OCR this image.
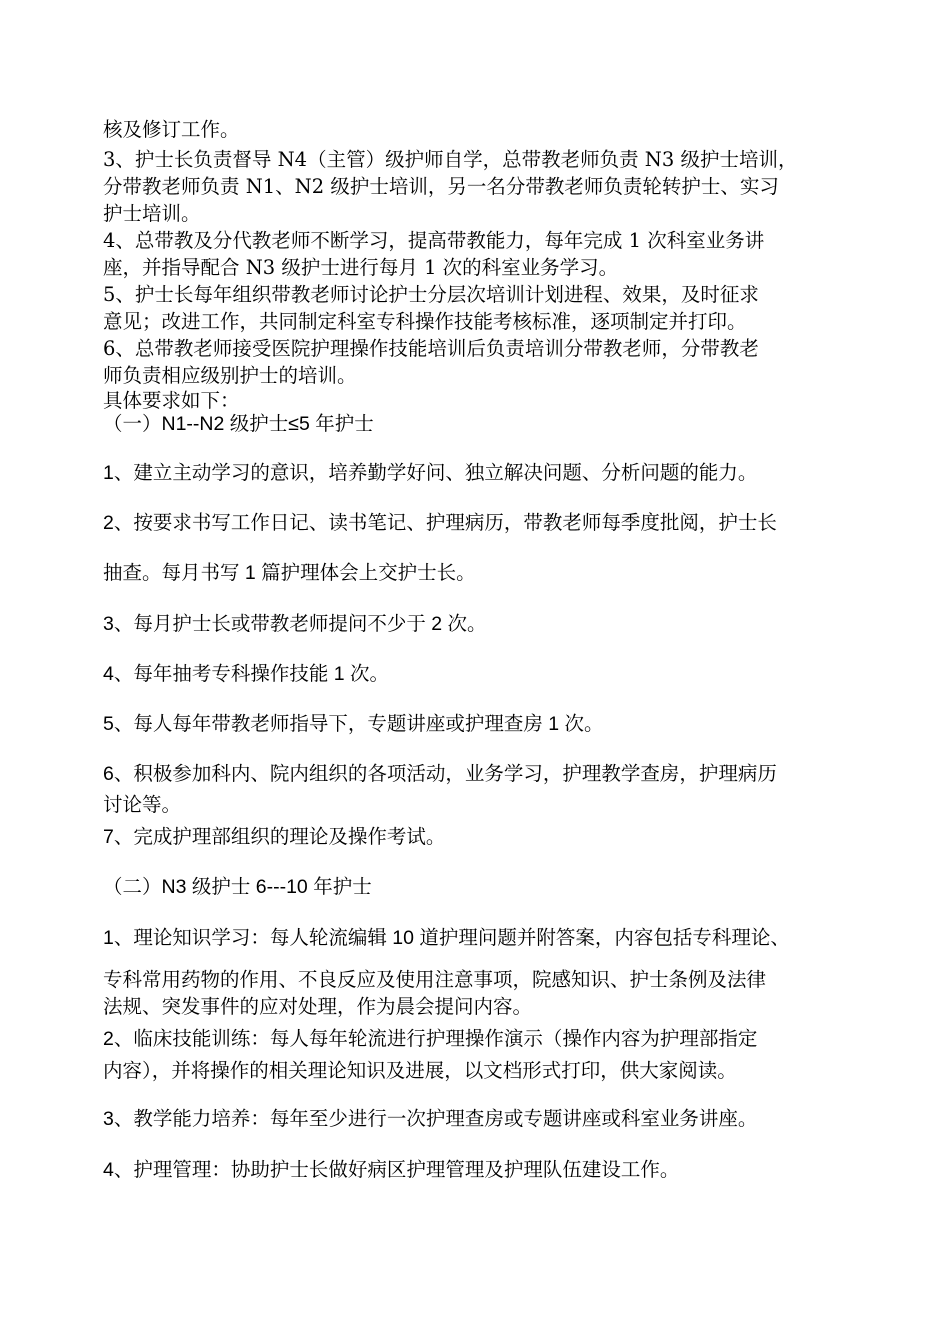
核及修订工作。
3、护士长负责督导 N4（主管）级护师自学，总带教老师负责 N3 级护士培训，
分带教老师负责 N1、N2 级护士培训，另一名分带教老师负责轮转护士、实习
护士培训。
4、总带教及分代教老师不断学习，提高带教能力，每年完成 1 次科室业务讲
座，并指导配合 N3 级护士进行每月 1 次的科室业务学习。
5、护士长每年组织带教老师讨论护士分层次培训计划进程、效果，及时征求
意见；改进工作，共同制定科室专科操作技能考核标准，逐项制定并打印。
6、总带教老师接受医院护理操作技能培训后负责培训分带教老师，分带教老
师负责相应级别护士的培训。
具体要求如下：
（一）N1--N2 级护士≤5 年护士
1、建立主动学习的意识，培养勤学好问、独立解决问题、分析问题的能力。
2、按要求书写工作日记、读书笔记、护理病历，带教老师每季度批阅，护士长
抽查。每月书写 1 篇护理体会上交护士长。
3、每月护士长或带教老师提问不少于 2 次。
4、每年抽考专科操作技能 1 次。
5、每人每年带教老师指导下，专题讲座或护理查房 1 次。
6、积极参加科内、院内组织的各项活动，业务学习，护理教学查房，护理病历
讨论等。
7、完成护理部组织的理论及操作考试。
（二）N3 级护士 6---10 年护士
1、理论知识学习：每人轮流编辑 10 道护理问题并附答案，内容包括专科理论、
专科常用药物的作用、不良反应及使用注意事项，院感知识、护士条例及法律
法规、突发事件的应对处理，作为晨会提问内容。
2、临床技能训练：每人每年轮流进行护理操作演示（操作内容为护理部指定
内容），并将操作的相关理论知识及进展，以文档形式打印，供大家阅读。
3、教学能力培养：每年至少进行一次护理查房或专题讲座或科室业务讲座。
4、护理管理：协助护士长做好病区护理管理及护理队伍建设工作。
